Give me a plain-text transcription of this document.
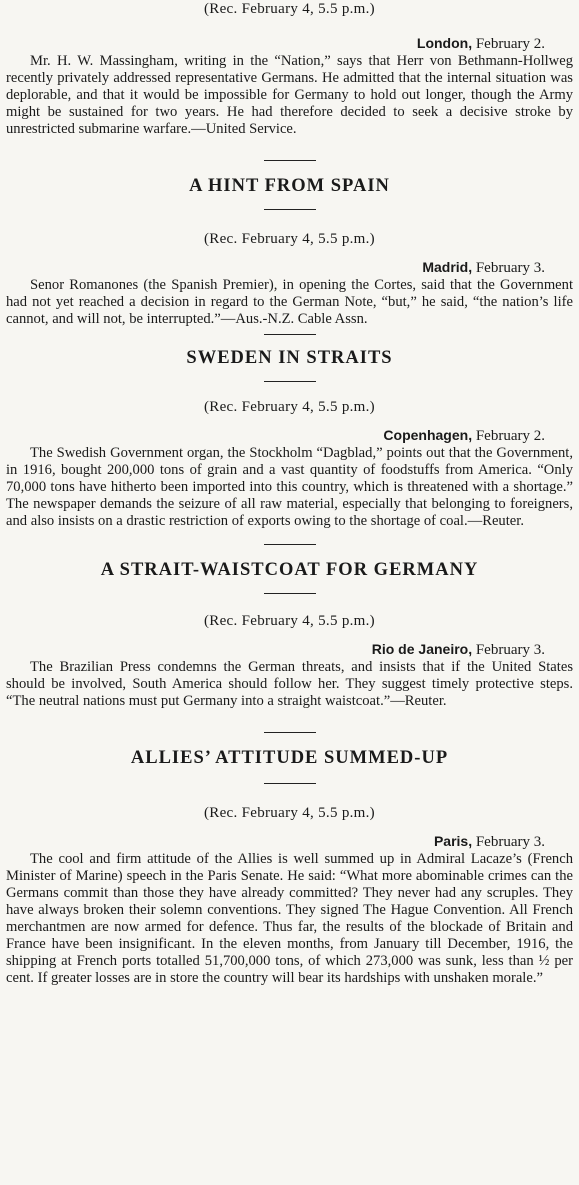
(Rec. February 4, 5.5 p.m.)
London, February 2.

Mr. H. W. Massingham, writing in the “Nation,” says that Herr von Bethmann-Hollweg recently privately addressed representative Germans. He admitted that the internal situation was deplorable, and that it would be impossible for Germany to hold out longer, though the Army might be sustained for two years. He had therefore decided to seek a decisive stroke by unrestricted submarine warfare.—United Service.

A HINT FROM SPAIN
(Rec. February 4, 5.5 p.m.)
Madrid, February 3.

Senor Romanones (the Spanish Premier), in opening the Cortes, said that the Government had not yet reached a decision in regard to the German Note, “but,” he said, “the nation’s life cannot, and will not, be interrupted.”—Aus.-N.Z. Cable Assn.

SWEDEN IN STRAITS
(Rec. February 4, 5.5 p.m.)
Copenhagen, February 2.

The Swedish Government organ, the Stockholm “Dagblad,” points out that the Government, in 1916, bought 200,000 tons of grain and a vast quantity of foodstuffs from America. “Only 70,000 tons have hitherto been imported into this country, which is threatened with a shortage.” The newspaper demands the seizure of all raw material, especially that belonging to foreigners, and also insists on a drastic restriction of exports owing to the shortage of coal.—Reuter.

A STRAIT-WAISTCOAT FOR GERMANY
(Rec. February 4, 5.5 p.m.)
Rio de Janeiro, February 3.

The Brazilian Press condemns the German threats, and insists that if the United States should be involved, South America should follow her. They suggest timely protective steps. “The neutral nations must put Germany into a straight waistcoat.”—Reuter.

ALLIES’ ATTITUDE SUMMED-UP
(Rec. February 4, 5.5 p.m.)
Paris, February 3.

The cool and firm attitude of the Allies is well summed up in Admiral Lacaze’s (French Minister of Marine) speech in the Paris Senate. He said: “What more abominable crimes can the Germans commit than those they have already committed? They never had any scruples. They have always broken their solemn conventions. They signed The Hague Convention. All French merchantmen are now armed for defence. Thus far, the results of the blockade of Britain and France have been insignificant. In the eleven months, from January till December, 1916, the shipping at French ports totalled 51,700,000 tons, of which 273,000 was sunk, less than ½ per cent. If greater losses are in store the country will bear its hardships with unshaken morale.”
